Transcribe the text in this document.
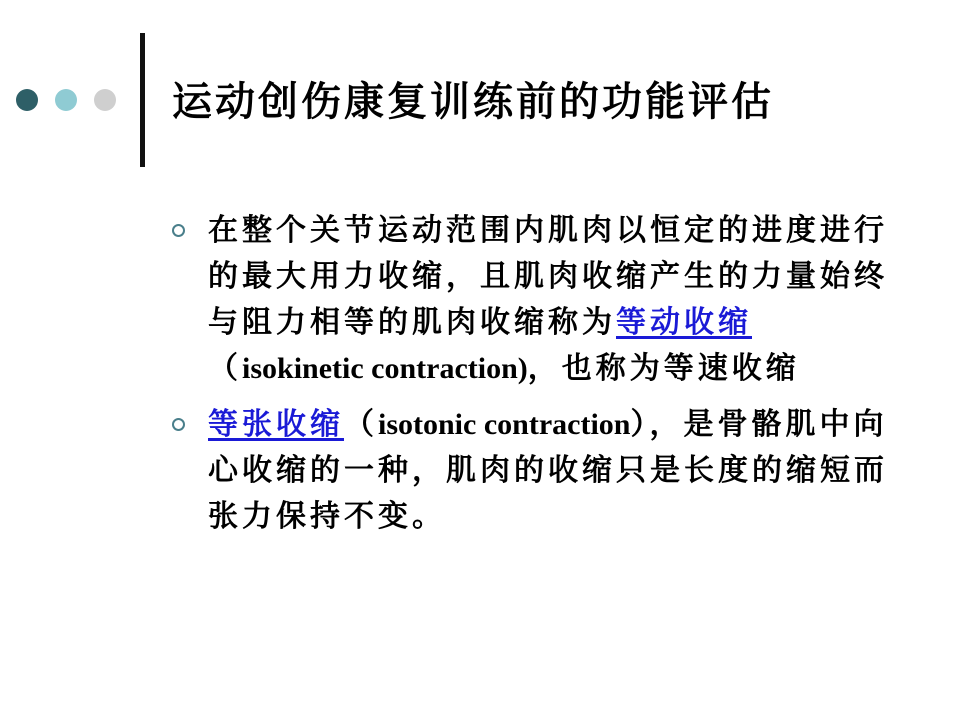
运动创伤康复训练前的功能评估
在整个关节运动范围内肌肉以恒定的进度进行的最大用力收缩，且肌肉收缩产生的力量始终与阻力相等的肌肉收缩称为等动收缩（isokinetic contraction)，也称为等速收缩
等张收缩（isotonic contraction），是骨骼肌中向心收缩的一种，肌肉的收缩只是长度的缩短而张力保持不变。
